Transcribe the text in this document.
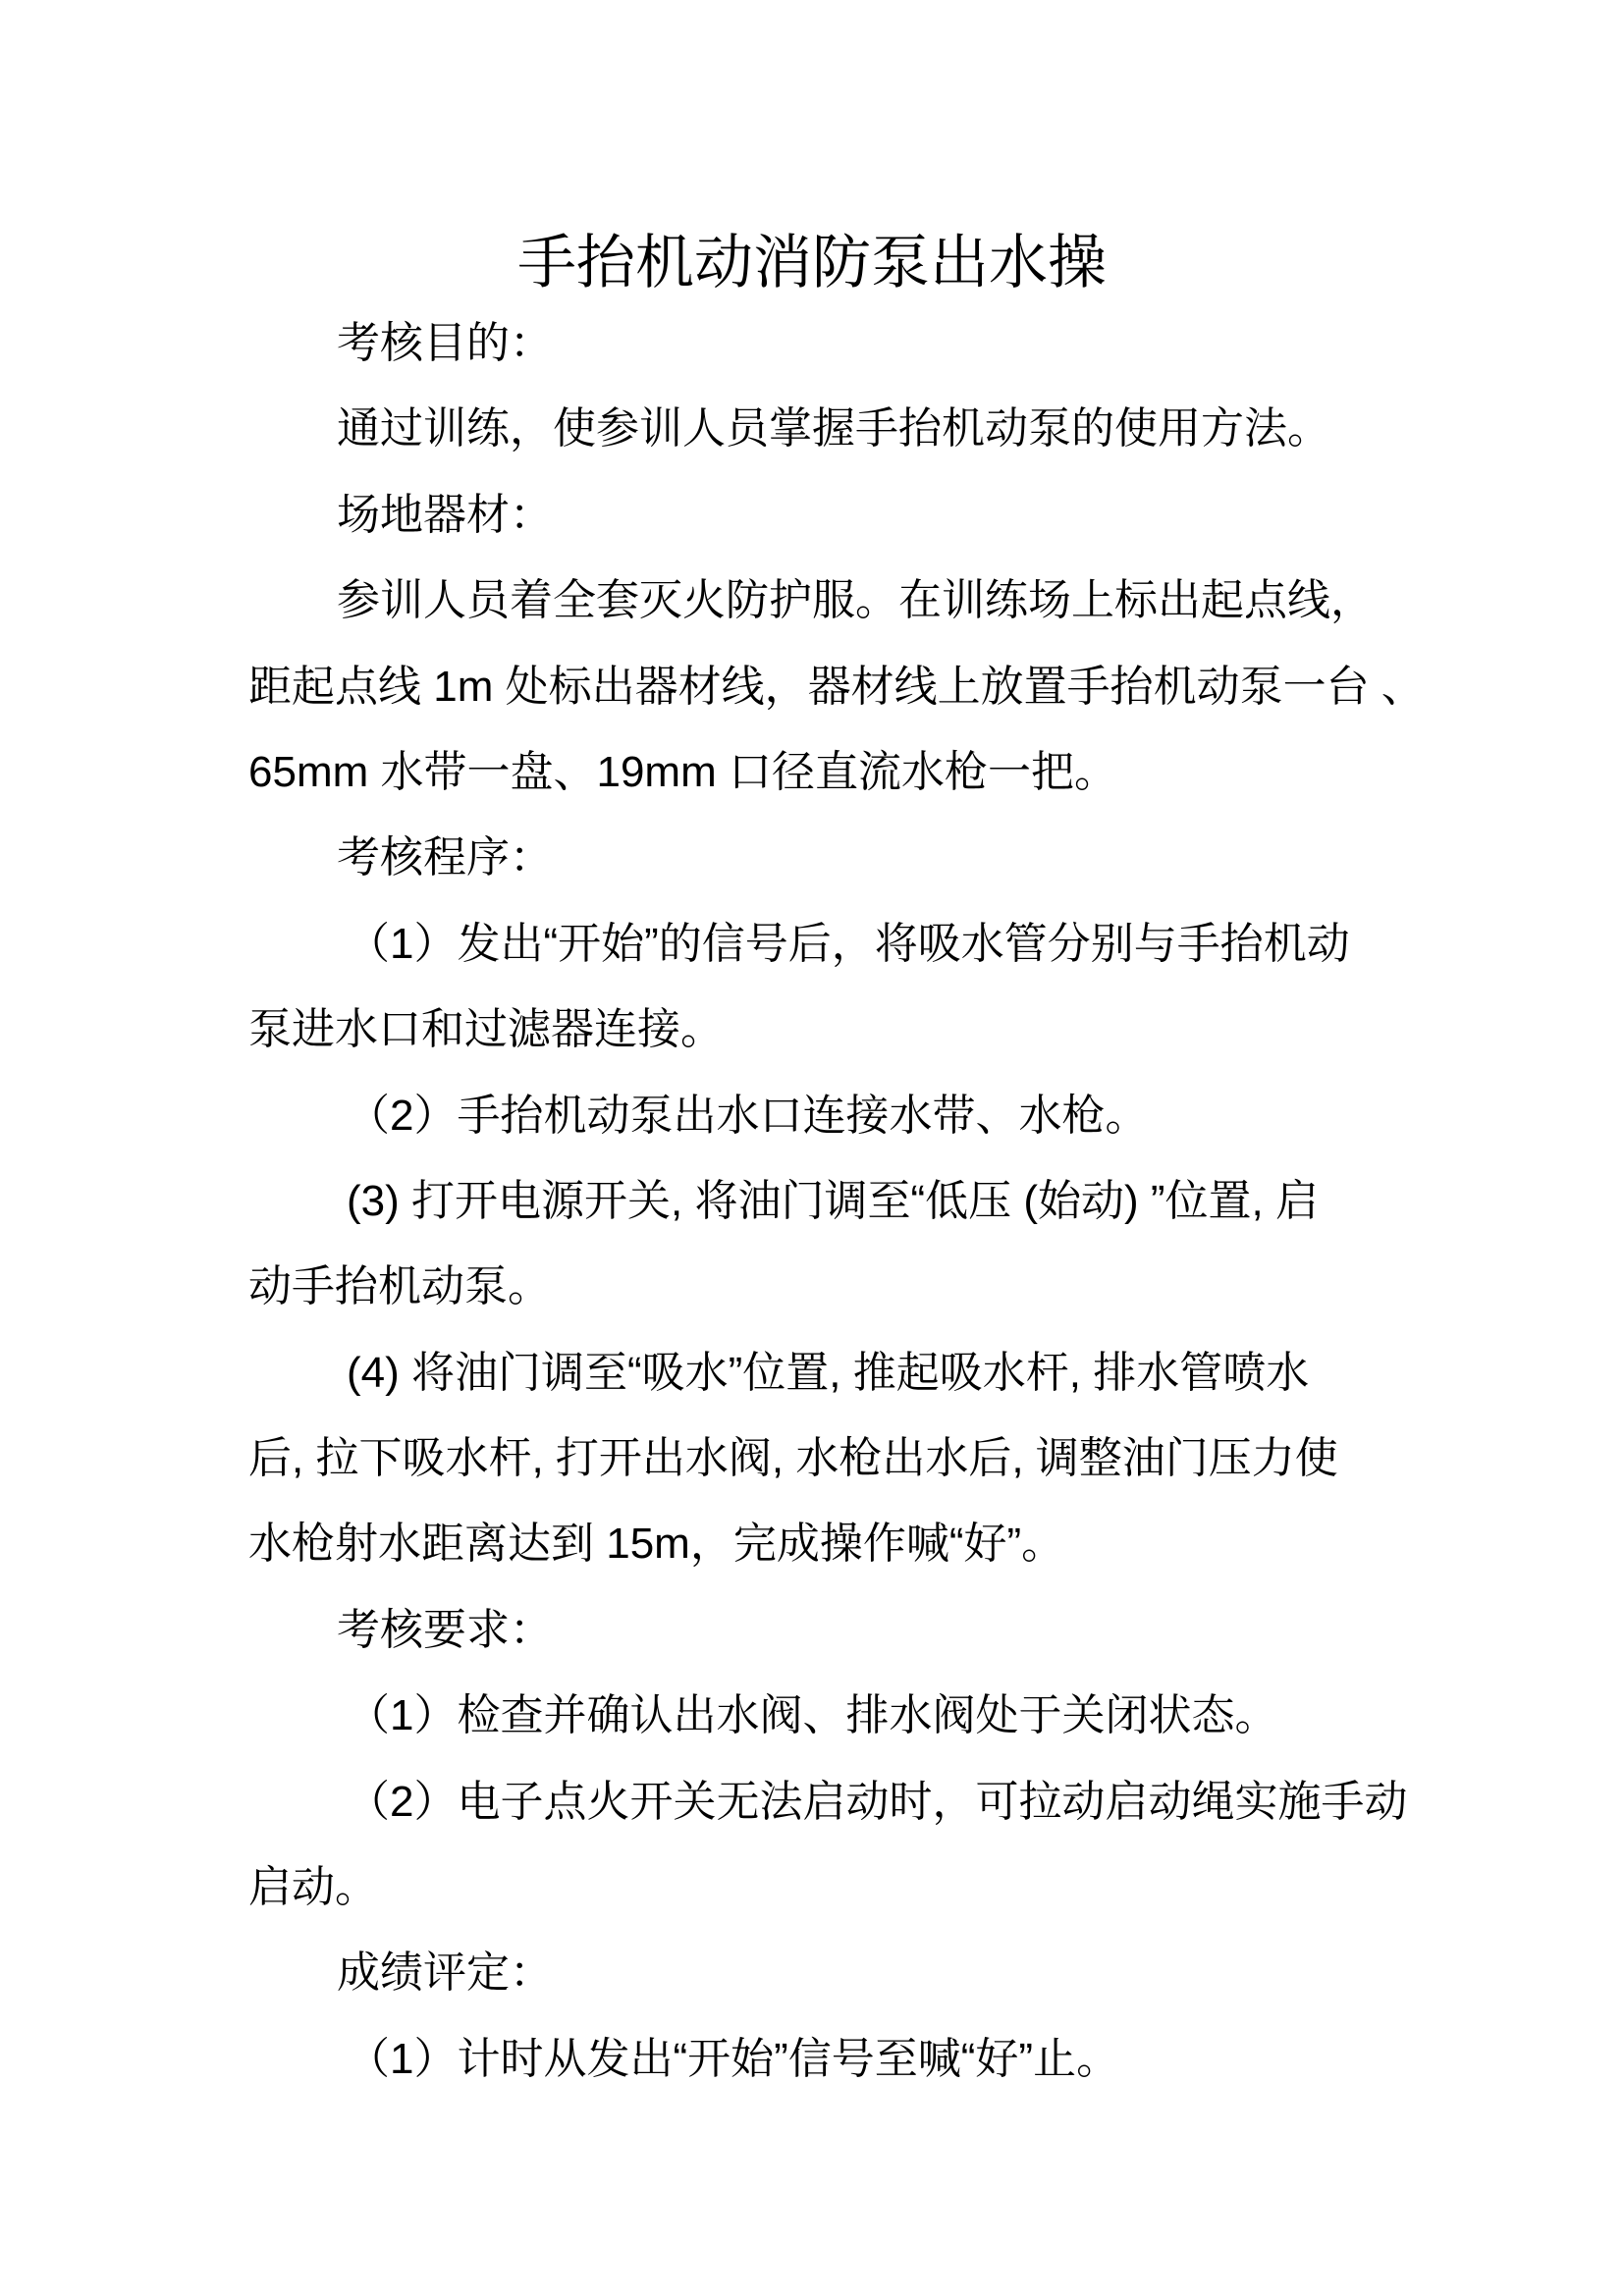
手抬机动消防泵出水操
考核目的：
通过训练，使参训人员掌握手抬机动泵的使用方法。
场地器材：
参训人员着全套灭火防护服。在训练场上标出起点线，
距起点线 1m 处标出器材线，器材线上放置手抬机动泵一台 、
65mm 水带一盘、19mm 口径直流水枪一把。
考核程序：
（1）发出“开始”的信号后，将吸水管分别与手抬机动
泵进水口和过滤器连接。
（2）手抬机动泵出水口连接水带、水枪。
(3) 打开电源开关, 将油门调至“低压 (始动) ”位置, 启
动手抬机动泵。
(4) 将油门调至“吸水”位置, 推起吸水杆, 排水管喷水
后, 拉下吸水杆, 打开出水阀, 水枪出水后, 调整油门压力使
水枪射水距离达到 15m，完成操作喊“好”。
考核要求：
（1）检查并确认出水阀、排水阀处于关闭状态。
（2）电子点火开关无法启动时，可拉动启动绳实施手动
启动。
成绩评定：
（1）计时从发出“开始”信号至喊“好”止。
